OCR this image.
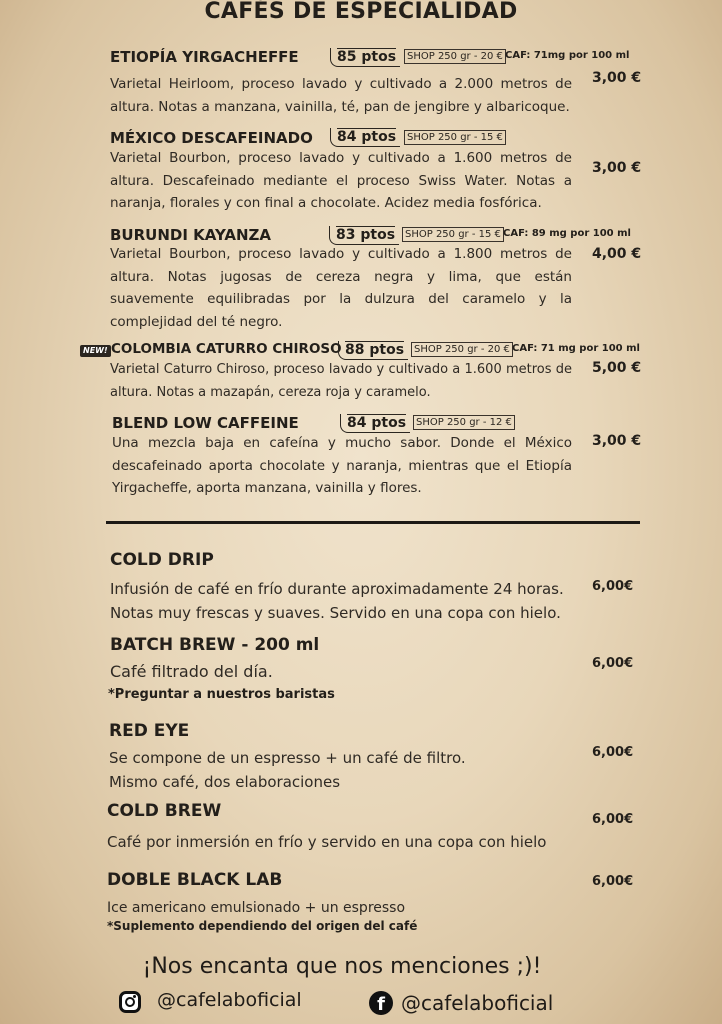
CAFÉS DE ESPECIALIDAD
ETIOPÍA YIRGACHEFFE	85 ptos	SHOP 250 gr - 20 € CAF: 71mg por 100 ml
Varietal Heirloom, proceso lavado y cultivado a 2.000 metros de altura. Notas a manzana, vainilla, té, pan de jengibre y albaricoque.
3,00 €
MÉXICO DESCAFEINADO	84 ptos	SHOP 250 gr - 15 €
Varietal Bourbon, proceso lavado y cultivado a 1.600 metros de altura. Descafeinado mediante el proceso Swiss Water. Notas a naranja, florales y con final a chocolate. Acidez media fosfórica.
3,00 €
BURUNDI KAYANZA	83 ptos SHOP 250 gr - 15 € CAF: 89 mg por 100 ml
Varietal Bourbon, proceso lavado y cultivado a 1.800 metros de altura. Notas jugosas de cereza negra y lima, que están suavemente equilibradas por la dulzura del caramelo y la complejidad del té negro.
4,00 €
NEW! COLOMBIA CATURRO CHIROSO 88 ptos SHOP 250 gr - 20 € CAF: 71 mg por 100 ml
Varietal Caturro Chiroso, proceso lavado y cultivado a 1.600 metros de altura. Notas a mazapán, cereza roja y caramelo.
5,00 €
BLEND LOW CAFFEINE	84 ptos SHOP 250 gr - 12 €
Una mezcla baja en cafeína y mucho sabor. Donde el México descafeinado aporta chocolate y naranja, mientras que el Etiopía Yirgacheffe, aporta manzana, vainilla y flores.
3,00 €
COLD DRIP
Infusión de café en frío durante aproximadamente 24 horas.
Notas muy frescas y suaves. Servido en una copa con hielo.
6,00€
BATCH BREW - 200 ml
Café filtrado del día.
*Preguntar a nuestros baristas
6,00€
RED EYE
Se compone de un espresso + un café de filtro.
Mismo café, dos elaboraciones
6,00€
COLD BREW
Café por inmersión en frío y servido en una copa con hielo
6,00€
DOBLE BLACK LAB
Ice americano emulsionado + un espresso
*Suplemento dependiendo del origen del café
6,00€
¡Nos encanta que nos menciones ;)!
@cafelaboficial	f @cafelaboficial
